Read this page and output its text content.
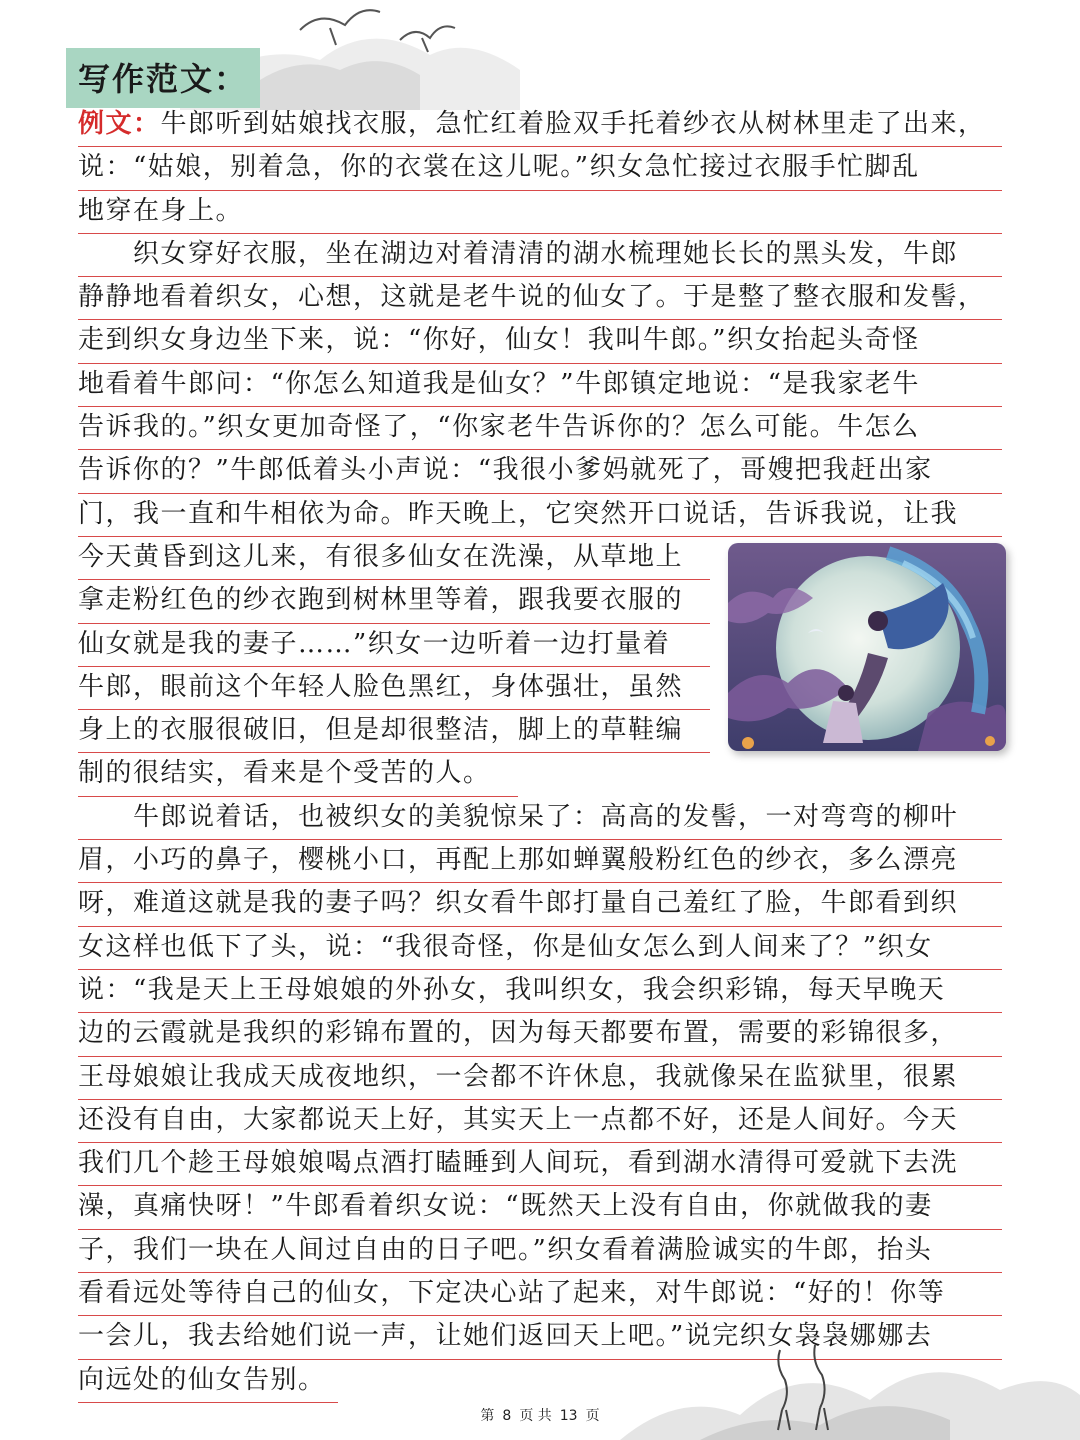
写作范文：
例文：牛郎听到姑娘找衣服，急忙红着脸双手托着纱衣从树林里走了出来，
说：“姑娘，别着急，你的衣裳在这儿呢。”织女急忙接过衣服手忙脚乱
地穿在身上。
　　织女穿好衣服，坐在湖边对着清清的湖水梳理她长长的黑头发，牛郎
静静地看着织女，心想，这就是老牛说的仙女了。于是整了整衣服和发髻，
走到织女身边坐下来，说：“你好，仙女！我叫牛郎。”织女抬起头奇怪
地看着牛郎问：“你怎么知道我是仙女？”牛郎镇定地说：“是我家老牛
告诉我的。”织女更加奇怪了，“你家老牛告诉你的？怎么可能。牛怎么
告诉你的？”牛郎低着头小声说：“我很小爹妈就死了，哥嫂把我赶出家
门，我一直和牛相依为命。昨天晚上，它突然开口说话，告诉我说，让我
今天黄昏到这儿来，有很多仙女在洗澡，从草地上
拿走粉红色的纱衣跑到树林里等着，跟我要衣服的
仙女就是我的妻子……”织女一边听着一边打量着
牛郎，眼前这个年轻人脸色黑红，身体强壮，虽然
身上的衣服很破旧，但是却很整洁，脚上的草鞋编
制的很结实，看来是个受苦的人。
　　牛郎说着话，也被织女的美貌惊呆了：高高的发髻，一对弯弯的柳叶
眉，小巧的鼻子，樱桃小口，再配上那如蝉翼般粉红色的纱衣，多么漂亮
呀，难道这就是我的妻子吗？织女看牛郎打量自己羞红了脸，牛郎看到织
女这样也低下了头，说：“我很奇怪，你是仙女怎么到人间来了？”织女
说：“我是天上王母娘娘的外孙女，我叫织女，我会织彩锦，每天早晚天
边的云霞就是我织的彩锦布置的，因为每天都要布置，需要的彩锦很多，
王母娘娘让我成天成夜地织，一会都不许休息，我就像呆在监狱里，很累
还没有自由，大家都说天上好，其实天上一点都不好，还是人间好。今天
我们几个趁王母娘娘喝点酒打瞌睡到人间玩，看到湖水清得可爱就下去洗
澡，真痛快呀！”牛郎看着织女说：“既然天上没有自由，你就做我的妻
子，我们一块在人间过自由的日子吧。”织女看着满脸诚实的牛郎，抬头
看看远处等待自己的仙女，下定决心站了起来，对牛郎说：“好的！你等
一会儿，我去给她们说一声，让她们返回天上吧。”说完织女袅袅娜娜去
向远处的仙女告别。
第 8 页 共 13 页
